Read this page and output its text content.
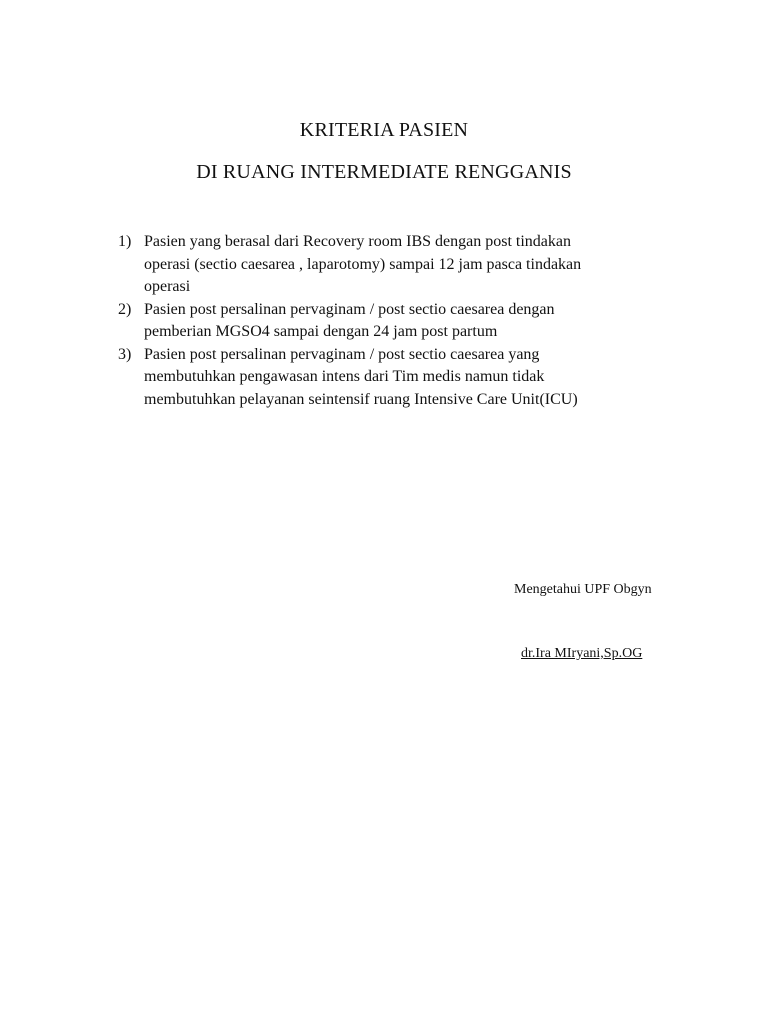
KRITERIA PASIEN
DI RUANG INTERMEDIATE RENGGANIS
1) Pasien yang berasal dari Recovery room IBS dengan post tindakan
operasi (sectio caesarea , laparotomy) sampai 12 jam pasca tindakan
operasi
2) Pasien post persalinan pervaginam / post sectio caesarea dengan
pemberian MGSO4 sampai dengan 24 jam post partum
3) Pasien post persalinan pervaginam / post sectio caesarea yang
membutuhkan pengawasan intens dari Tim medis namun tidak
membutuhkan pelayanan seintensif ruang Intensive Care Unit(ICU)
Mengetahui UPF Obgyn
dr.Ira MIryani,Sp.OG
